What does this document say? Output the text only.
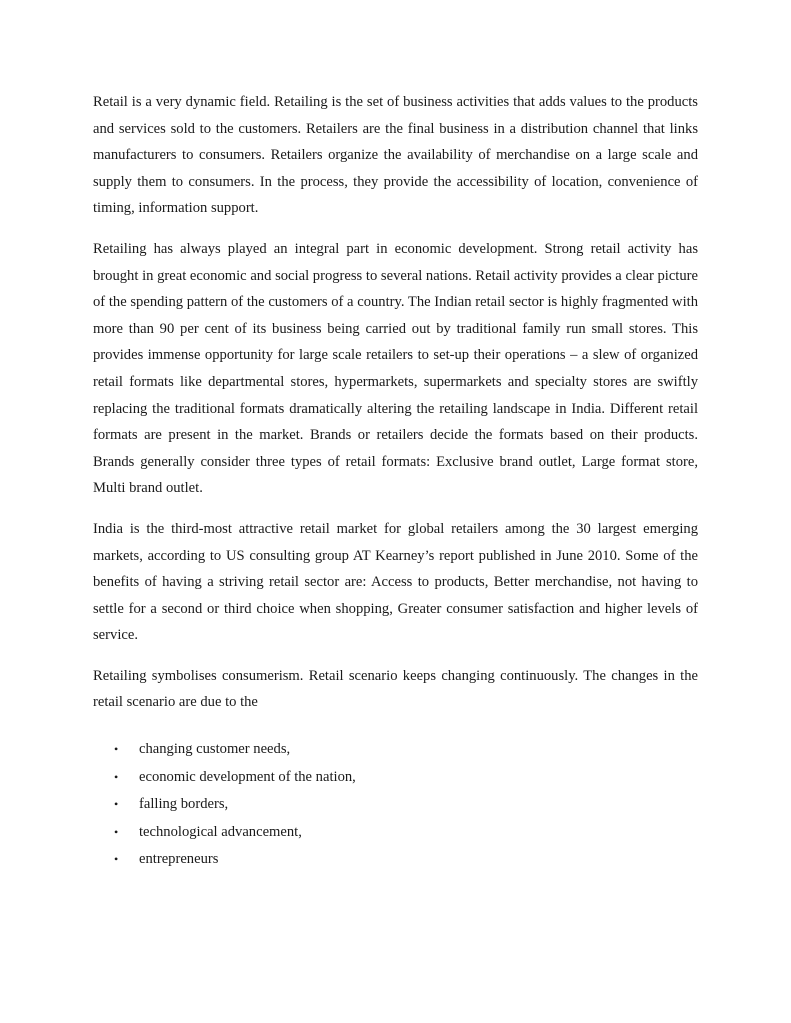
Retail is a very dynamic field. Retailing is the set of business activities that adds values to the products and services sold to the customers. Retailers are the final business in a distribution channel that links manufacturers to consumers. Retailers organize the availability of merchandise on a large scale and supply them to consumers. In the process, they provide the accessibility of location, convenience of timing, information support.

Retailing has always played an integral part in economic development. Strong retail activity has brought in great economic and social progress to several nations. Retail activity provides a clear picture of the spending pattern of the customers of a country. The Indian retail sector is highly fragmented with more than 90 per cent of its business being carried out by traditional family run small stores. This provides immense opportunity for large scale retailers to set-up their operations – a slew of organized retail formats like departmental stores, hypermarkets, supermarkets and specialty stores are swiftly replacing the traditional formats dramatically altering the retailing landscape in India. Different retail formats are present in the market. Brands or retailers decide the formats based on their products. Brands generally consider three types of retail formats: Exclusive brand outlet, Large format store, Multi brand outlet.

India is the third-most attractive retail market for global retailers among the 30 largest emerging markets, according to US consulting group AT Kearney’s report published in June 2010. Some of the benefits of having a striving retail sector are: Access to products, Better merchandise, not having to settle for a second or third choice when shopping, Greater consumer satisfaction and higher levels of service.

Retailing symbolises consumerism. Retail scenario keeps changing continuously. The changes in the retail scenario are due to the

• changing customer needs,
• economic development of the nation,
• falling borders,
• technological advancement,
• entrepreneurs
